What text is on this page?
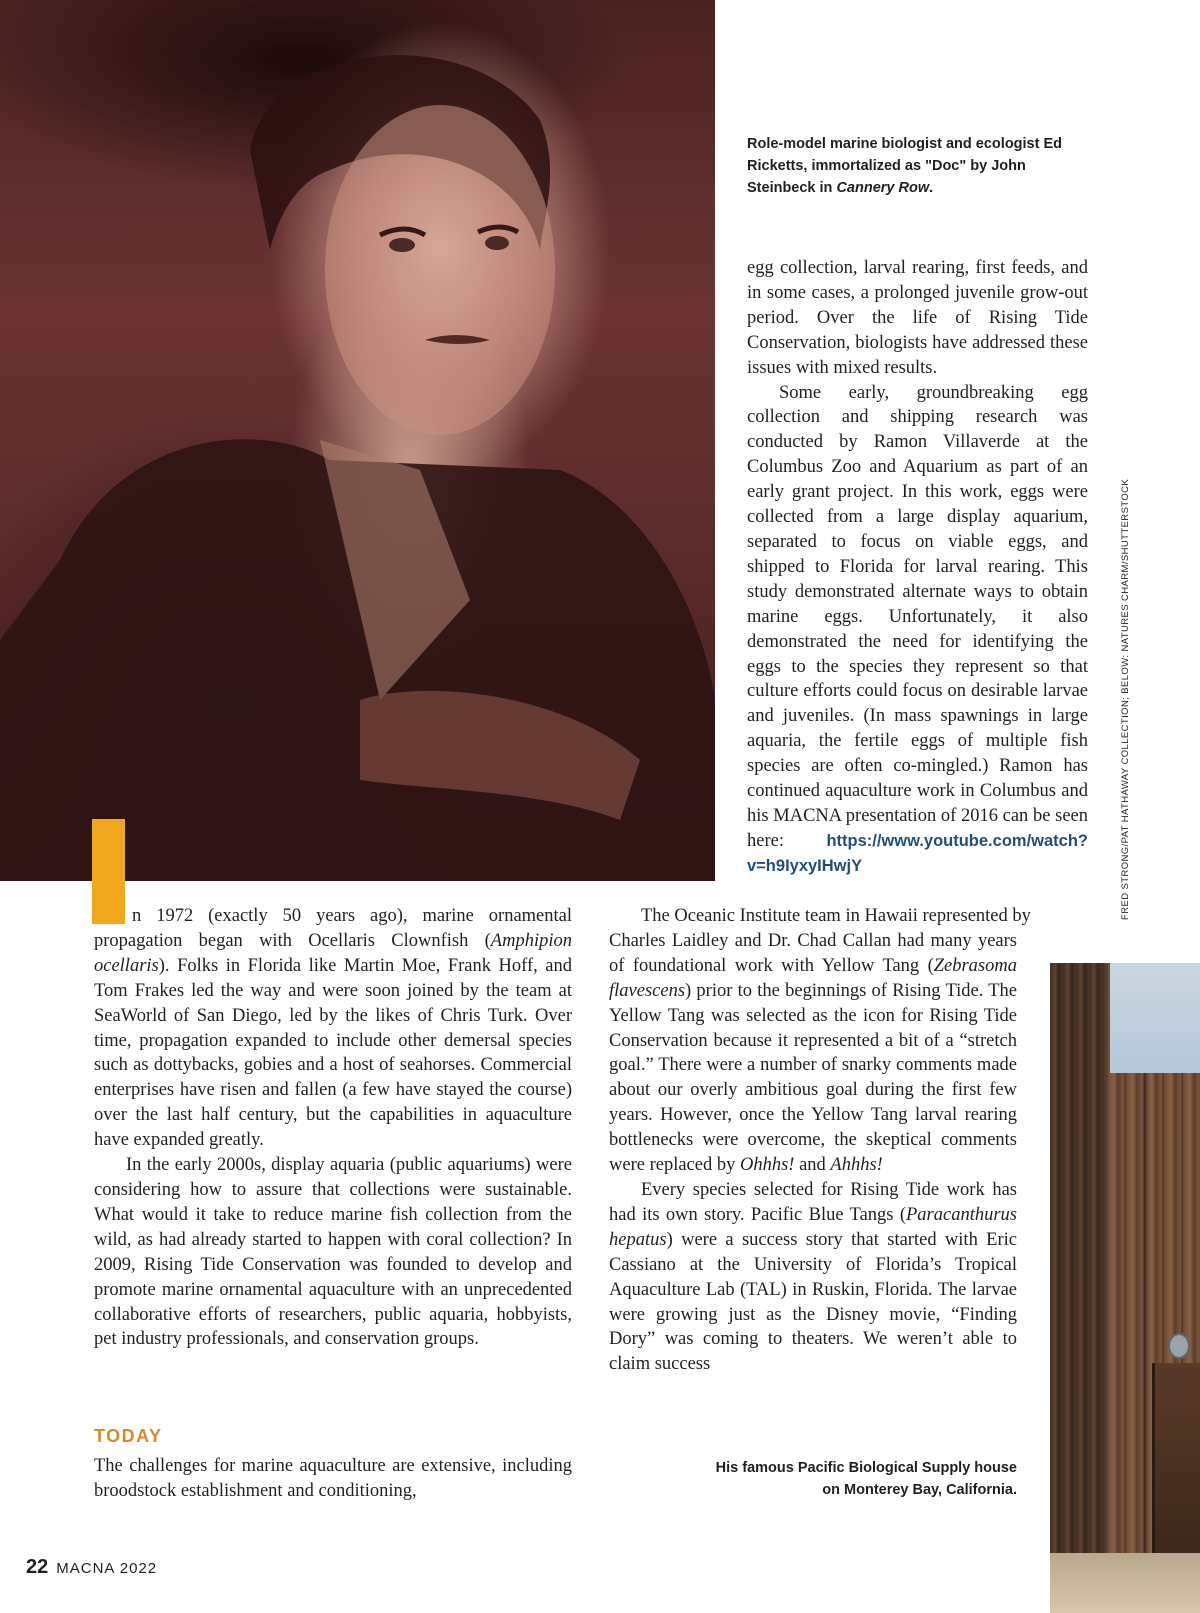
Role-model marine biologist and ecologist Ed Ricketts, immortalized as "Doc" by John Steinbeck in Cannery Row.
FRED STRONG/PAT HATHAWAY COLLECTION; BELOW: NATURES CHARM/SHUTTERSTOCK

egg collection, larval rearing, first feeds, and in some cases, a prolonged juvenile grow-out period. Over the life of Rising Tide Conservation, biologists have addressed these issues with mixed results.

Some early, groundbreaking egg collection and shipping research was conducted by Ramon Villaverde at the Columbus Zoo and Aquarium as part of an early grant project. In this work, eggs were collected from a large display aquarium, separated to focus on viable eggs, and shipped to Florida for larval rearing. This study demonstrated alternate ways to obtain marine eggs. Unfortunately, it also demonstrated the need for identifying the eggs to the species they represent so that culture efforts could focus on desirable larvae and juveniles. (In mass spawnings in large aquaria, the fertile eggs of multiple fish species are often co-mingled.) Ramon has continued aquaculture work in Columbus and his MACNA presentation of 2016 can be seen here: https://www.youtube.com/watch?v=h9IyxyIHwjY

n 1972 (exactly 50 years ago), marine ornamental propagation began with Ocellaris Clownfish (Amphipion ocellaris). Folks in Florida like Martin Moe, Frank Hoff, and Tom Frakes led the way and were soon joined by the team at SeaWorld of San Diego, led by the likes of Chris Turk. Over time, propagation expanded to include other demersal species such as dottybacks, gobies and a host of seahorses. Commercial enterprises have risen and fallen (a few have stayed the course) over the last half century, but the capabilities in aquaculture have expanded greatly.

In the early 2000s, display aquaria (public aquariums) were considering how to assure that collections were sustainable. What would it take to reduce marine fish collection from the wild, as had already started to happen with coral collection? In 2009, Rising Tide Conservation was founded to develop and promote marine ornamental aquaculture with an unprecedented collaborative efforts of researchers, public aquaria, hobbyists, pet industry professionals, and conservation groups.

TODAY

The challenges for marine aquaculture are extensive, including broodstock establishment and conditioning,

The Oceanic Institute team in Hawaii represented by

Charles Laidley and Dr. Chad Callan had many years of foundational work with Yellow Tang (Zebrasoma flavescens) prior to the beginnings of Rising Tide. The Yellow Tang was selected as the icon for Rising Tide Conservation because it represented a bit of a “stretch goal.” There were a number of snarky comments made about our overly ambitious goal during the first few years. However, once the Yellow Tang larval rearing bottlenecks were overcome, the skeptical comments were replaced by Ohhhs! and Ahhhs!

Every species selected for Rising Tide work has had its own story. Pacific Blue Tangs (Paracanthurus hepatus) were a success story that started with Eric Cassiano at the University of Florida’s Tropical Aquaculture Lab (TAL) in Ruskin, Florida. The larvae were growing just as the Disney movie, “Finding Dory” was coming to theaters. We weren’t able to claim success

His famous Pacific Biological Supply house on Monterey Bay, California.
22 MACNA 2022
